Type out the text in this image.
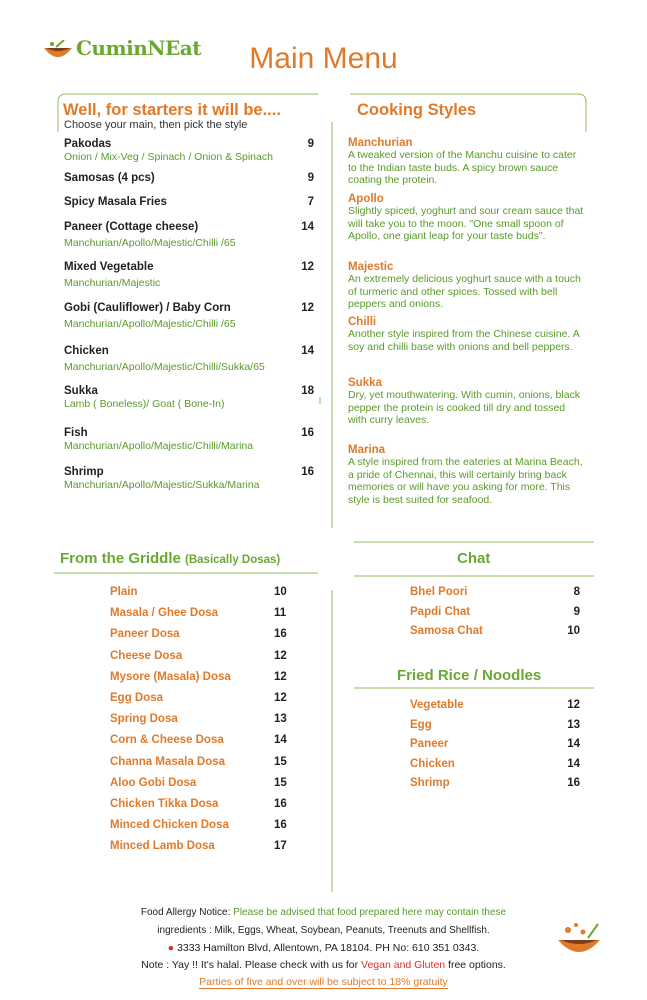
CuminNEat	Main Menu
Well, for starters it will be....
Choose your main, then pick the style
Pakodas	9
Onion / Mix-Veg / Spinach / Onion & Spinach
Samosas (4 pcs)	9
Spicy Masala Fries	7
Paneer (Cottage cheese)	14
Manchurian/Apollo/Majestic/Chilli /65
Mixed Vegetable	12
Manchurian/Majestic
Gobi (Cauliflower) / Baby Corn	12
Manchurian/Apollo/Majestic/Chilli /65
Chicken	14
Manchurian/Apollo/Majestic/Chilli/Sukka/65
Sukka	18
Lamb ( Boneless)/ Goat ( Bone-In)
Fish	16
Manchurian/Apollo/Majestic/Chilli/Marina
Shrimp	16
Manchurian/Apollo/Majestic/Sukka/Marina
Cooking Styles
Manchurian
A tweaked version of the Manchu cuisine to cater to the Indian taste buds. A spicy brown sauce coating the protein.
Apollo
Slightly spiced, yoghurt and sour cream sauce that will take you to the moon. "One small spoon of Apollo, one giant leap for your taste buds".
Majestic
An extremely delicious yoghurt sauce with a touch of turmeric and other spices. Tossed with bell peppers and onions.
Chilli
Another style inspired from the Chinese cuisine. A soy and chilli base with onions and bell peppers.
Sukka
Dry, yet mouthwatering. With cumin, onions, black pepper the protein is cooked till dry and tossed with curry leaves.
Marina
A style inspired from the eateries at Marina Beach, a pride of Chennai, this will certainly bring back memories or will have you asking for more. This style is best suited for seafood.
From the Griddle (Basically Dosas)
Plain	10
Masala / Ghee Dosa	11
Paneer Dosa	16
Cheese Dosa	12
Mysore (Masala) Dosa	12
Egg Dosa	12
Spring Dosa	13
Corn & Cheese Dosa	14
Channa Masala Dosa	15
Aloo Gobi Dosa	15
Chicken Tikka Dosa	16
Minced Chicken Dosa	16
Minced Lamb Dosa	17
Chat
Bhel Poori	8
Papdi Chat	9
Samosa Chat	10
Fried Rice / Noodles
Vegetable	12
Egg	13
Paneer	14
Chicken	14
Shrimp	16
Food Allergy Notice: Please be advised that food prepared here may contain these
ingredients : Milk, Eggs, Wheat, Soybean, Peanuts, Treenuts and Shellfish.
● 3333 Hamilton Blvd, Allentown, PA 18104. PH No: 610 351 0343.
Note : Yay !! It's halal. Please check with us for Vegan and Gluten free options.
Parties of five and over will be subject to 18% gratuity
